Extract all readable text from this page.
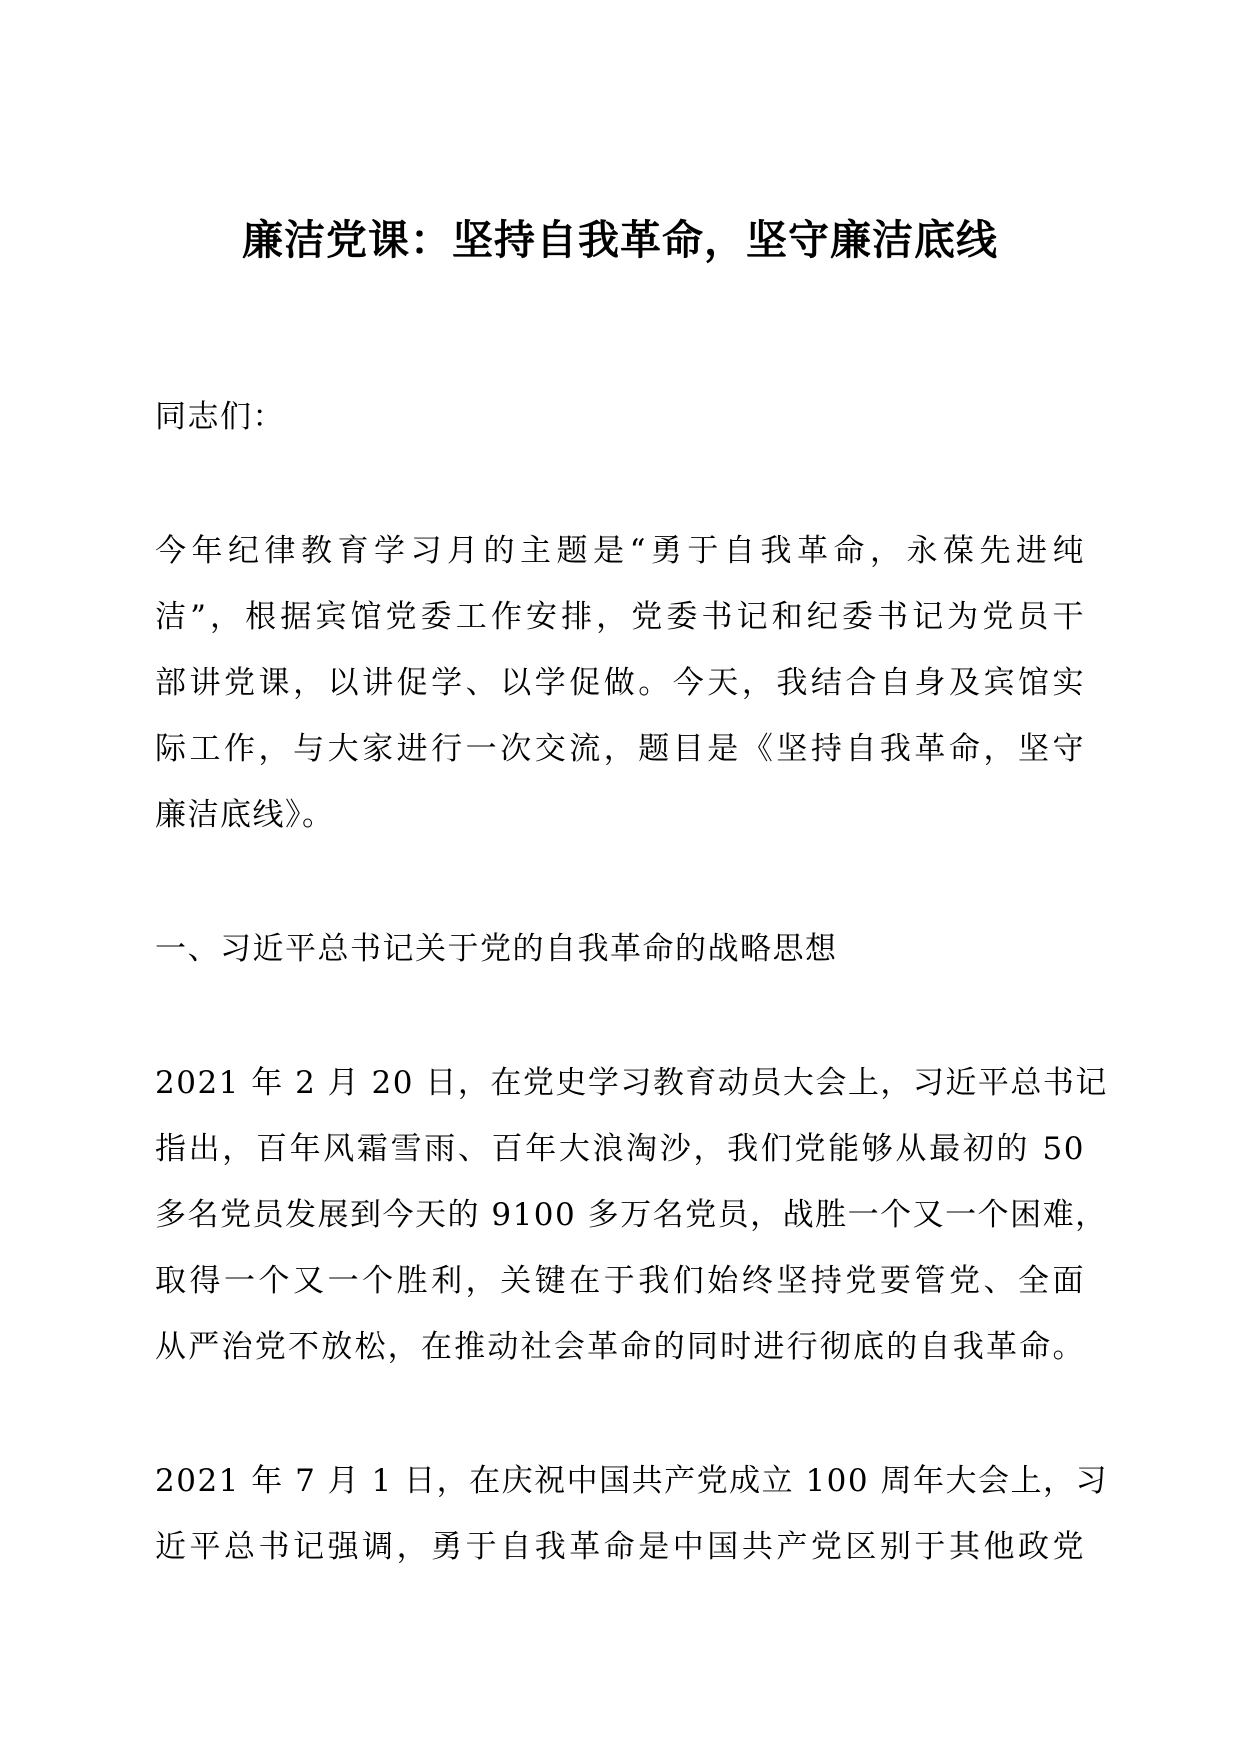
廉洁党课：坚持自我革命，坚守廉洁底线
同志们：
今年纪律教育学习月的主题是“勇于自我革命，永葆先进纯
洁”，根据宾馆党委工作安排，党委书记和纪委书记为党员干
部讲党课，以讲促学、以学促做。今天，我结合自身及宾馆实
际工作，与大家进行一次交流，题目是《坚持自我革命，坚守
廉洁底线》。
一、习近平总书记关于党的自我革命的战略思想
2021 年 2 月 20 日，在党史学习教育动员大会上，习近平总书记
指出，百年风霜雪雨、百年大浪淘沙，我们党能够从最初的 50
多名党员发展到今天的 9100 多万名党员，战胜一个又一个困难，
取得一个又一个胜利，关键在于我们始终坚持党要管党、全面
从严治党不放松，在推动社会革命的同时进行彻底的自我革命。
2021 年 7 月 1 日，在庆祝中国共产党成立 100 周年大会上，习
近平总书记强调，勇于自我革命是中国共产党区别于其他政党
